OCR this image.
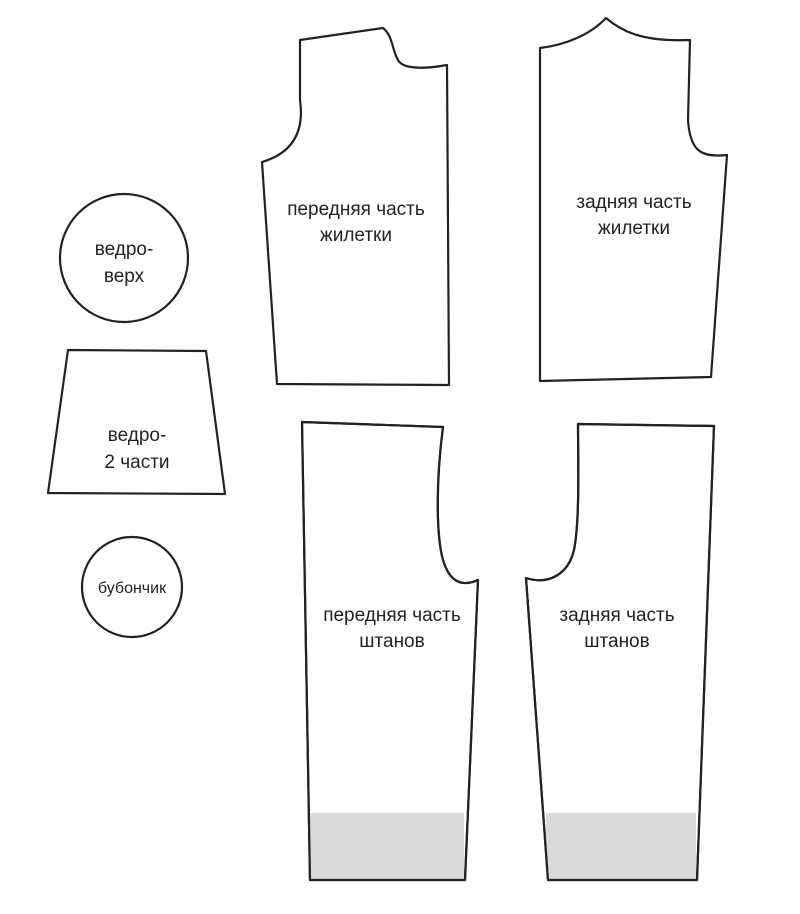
ведро-
верх
ведро-
2 части
бубончик
передняя часть
жилетки
задняя часть
жилетки
передняя часть
штанов
задняя часть
штанов
